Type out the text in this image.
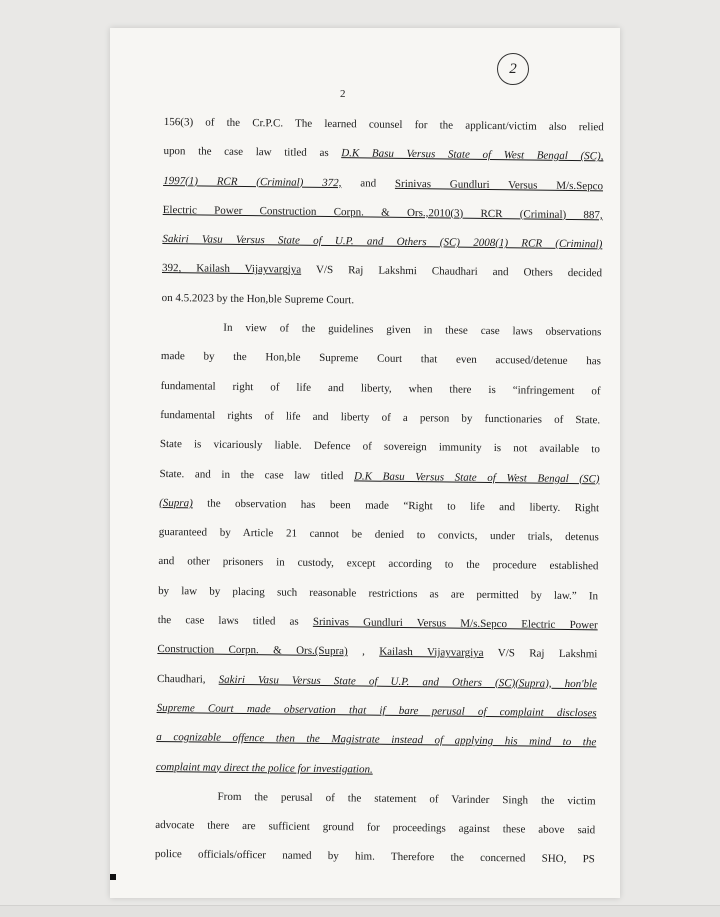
2
2
156(3) of the Cr.P.C. The learned counsel for the applicant/victim also relied
upon the case law titled as D.K Basu Versus State of West Bengal (SC),
1997(1) RCR (Criminal) 372, and Srinivas Gundluri Versus M/s.Sepco
Electric Power Construction Corpn. & Ors.,2010(3) RCR (Criminal) 887,
Sakiri Vasu Versus State of U.P. and Others (SC) 2008(1) RCR (Criminal)
392, Kailash Vijayvargiya V/S Raj Lakshmi Chaudhari and Others decided
on 4.5.2023 by the Hon,ble Supreme Court.
In view of the guidelines given in these case laws observations
made by the Hon,ble Supreme Court that even accused/detenue has
fundamental right of life and liberty, when there is “infringement of
fundamental rights of life and liberty of a person by functionaries of State.
State is vicariously liable. Defence of sovereign immunity is not available to
State. and in the case law titled D.K Basu Versus State of West Bengal (SC)
(Supra) the observation has been made “Right to life and liberty. Right
guaranteed by Article 21 cannot be denied to convicts, under trials, detenus
and other prisoners in custody, except according to the procedure established
by law by placing such reasonable restrictions as are permitted by law.” In
the case laws titled as Srinivas Gundluri Versus M/s.Sepco Electric Power
Construction Corpn. & Ors.(Supra) , Kailash Vijayvargiya V/S Raj Lakshmi
Chaudhari, Sakiri Vasu Versus State of U.P. and Others (SC)(Supra), hon'ble
Supreme Court made observation that if bare perusal of complaint discloses
a cognizable offence then the Magistrate instead of applying his mind to the
complaint may direct the police for investigation.
From the perusal of the statement of Varinder Singh the victim
advocate there are sufficient ground for proceedings against these above said
police officials/officer named by him. Therefore the concerned SHO, PS
